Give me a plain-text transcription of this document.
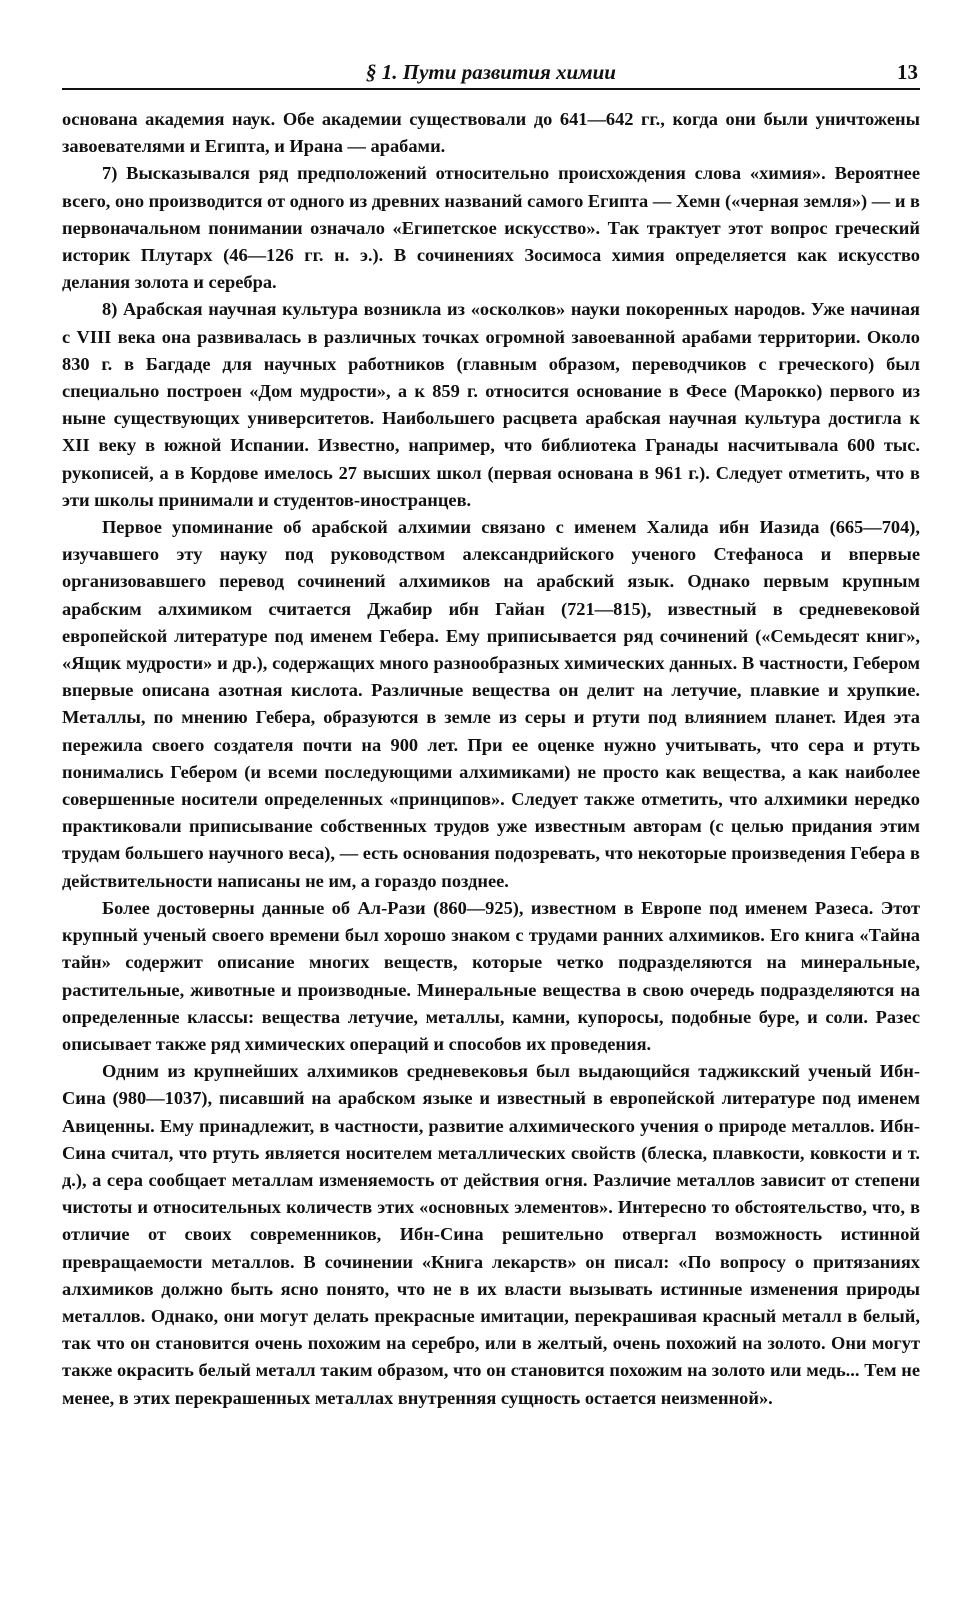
§ 1. Пути развития химии	13

основана академия наук. Обе академии существовали до 641—642 гг., когда они были уничтожены завоевателями и Египта, и Ирана — арабами.

7) Высказывался ряд предположений относительно происхождения слова «химия». Вероятнее всего, оно производится от одного из древних названий самого Египта — Хемн («черная земля») — и в первоначальном понимании означало «Египетское искусство». Так трактует этот вопрос греческий историк Плутарх (46—126 гг. н. э.). В сочинениях Зосимоса химия определяется как искусство делания золота и серебра.

8) Арабская научная культура возникла из «осколков» науки покоренных народов. Уже начиная с VIII века она развивалась в различных точках огромной завоеванной арабами территории. Около 830 г. в Багдаде для научных работников (главным образом, переводчиков с греческого) был специально построен «Дом мудрости», а к 859 г. относится основание в Фесе (Марокко) первого из ныне существующих университетов. Наибольшего расцвета арабская научная культура достигла к XII веку в южной Испании. Известно, например, что библиотека Гранады насчитывала 600 тыс. рукописей, а в Кордове имелось 27 высших школ (первая основана в 961 г.). Следует отметить, что в эти школы принимали и студентов-иностранцев.

Первое упоминание об арабской алхимии связано с именем Халида ибн Иазида (665—704), изучавшего эту науку под руководством александрийского ученого Стефаноса и впервые организовавшего перевод сочинений алхимиков на арабский язык. Однако первым крупным арабским алхимиком считается Джабир ибн Гайан (721—815), известный в средневековой европейской литературе под именем Гебера. Ему приписывается ряд сочинений («Семьдесят книг», «Ящик мудрости» и др.), содержащих много разнообразных химических данных. В частности, Гебером впервые описана азотная кислота. Различные вещества он делит на летучие, плавкие и хрупкие. Металлы, по мнению Гебера, образуются в земле из серы и ртути под влиянием планет. Идея эта пережила своего создателя почти на 900 лет. При ее оценке нужно учитывать, что сера и ртуть понимались Гебером (и всеми последующими алхимиками) не просто как вещества, а как наиболее совершенные носители определенных «принципов». Следует также отметить, что алхимики нередко практиковали приписывание собственных трудов уже известным авторам (с целью придания этим трудам большего научного веса), — есть основания подозревать, что некоторые произведения Гебера в действительности написаны не им, а гораздо позднее.

Более достоверны данные об Ал-Рази (860—925), известном в Европе под именем Разеса. Этот крупный ученый своего времени был хорошо знаком с трудами ранних алхимиков. Его книга «Тайна тайн» содержит описание многих веществ, которые четко подразделяются на минеральные, растительные, животные и производные. Минеральные вещества в свою очередь подразделяются на определенные классы: вещества летучие, металлы, камни, купоросы, подобные буре, и соли. Разес описывает также ряд химических операций и способов их проведения.

Одним из крупнейших алхимиков средневековья был выдающийся таджикский ученый Ибн-Сина (980—1037), писавший на арабском языке и известный в европейской литературе под именем Авиценны. Ему принадлежит, в частности, развитие алхимического учения о природе металлов. Ибн-Сина считал, что ртуть является носителем металлических свойств (блеска, плавкости, ковкости и т. д.), а сера сообщает металлам изменяемость от действия огня. Различие металлов зависит от степени чистоты и относительных количеств этих «основных элементов». Интересно то обстоятельство, что, в отличие от своих современников, Ибн-Сина решительно отвергал возможность истинной превращаемости металлов. В сочинении «Книга лекарств» он писал: «По вопросу о притязаниях алхимиков должно быть ясно понято, что не в их власти вызывать истинные изменения природы металлов. Однако, они могут делать прекрасные имитации, перекрашивая красный металл в белый, так что он становится очень похожим на серебро, или в желтый, очень похожий на золото. Они могут также окрасить белый металл таким образом, что он становится похожим на золото или медь... Тем не менее, в этих перекрашенных металлах внутренняя сущность остается неизменной».
